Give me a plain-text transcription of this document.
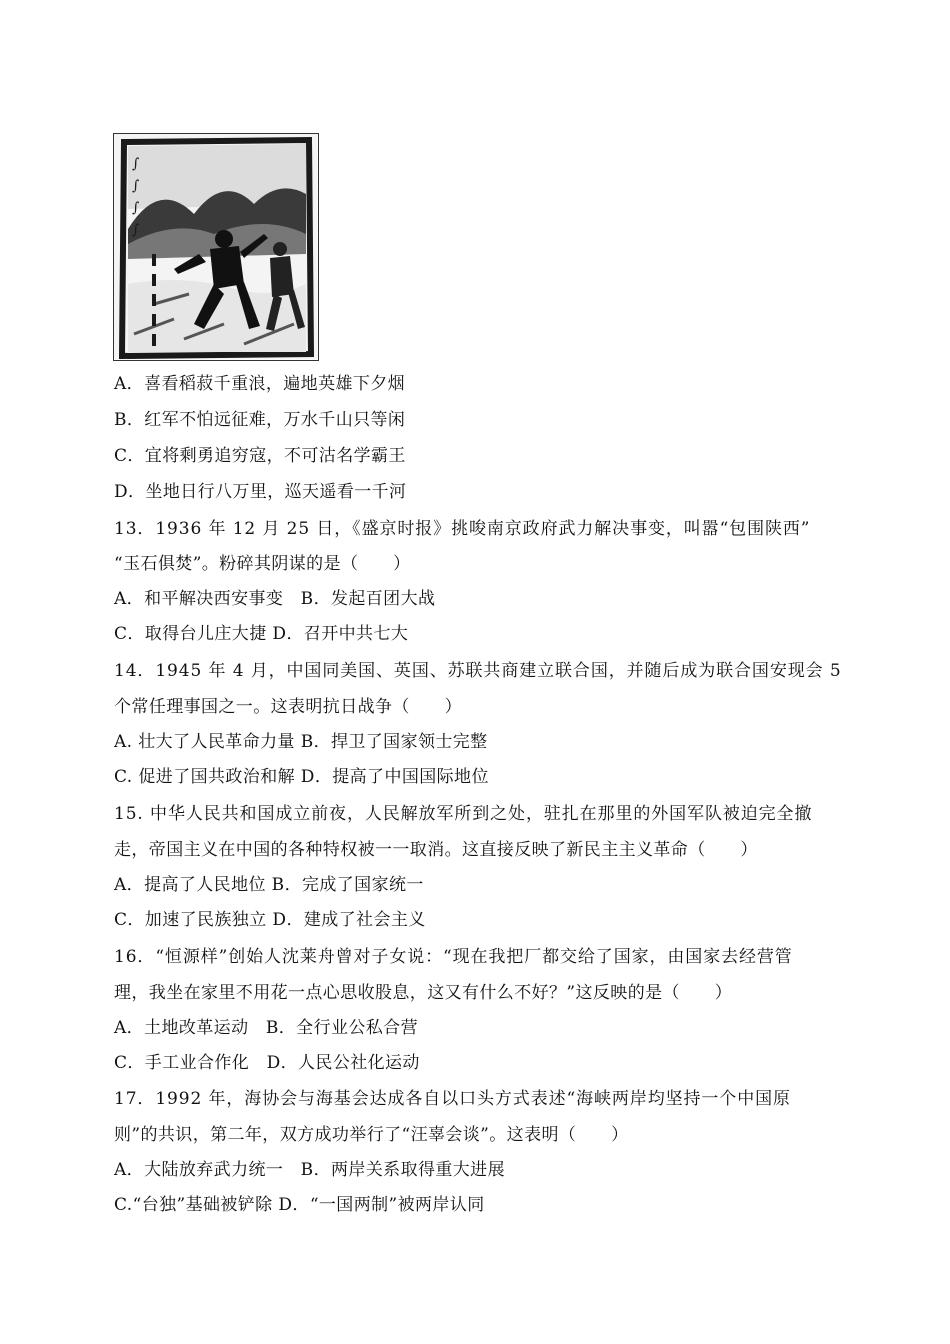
∫
∫
∫
∫
A．喜看稻菽千重浪，遍地英雄下夕烟
B．红军不怕远征难，万水千山只等闲
C．宜将剩勇追穷寇，不可沽名学霸王
D．坐地日行八万里，巡天遥看一千河
13．1936 年 12 月 25 日，《盛京时报》挑唆南京政府武力解决事变，叫嚣“包围陕西”
“玉石俱焚”。粉碎其阴谋的是（　　）
A．和平解决西安事变　B．发起百团大战
C．取得台儿庄大捷 D．召开中共七大
14．1945 年 4 月，中国同美国、英国、苏联共商建立联合国，并随后成为联合国安现会 5
个常任理事国之一。这表明抗日战争（　　）
A. 壮大了人民革命力量 B．捍卫了国家领士完整
C. 促进了国共政治和解 D．提高了中国国际地位
15. 中华人民共和国成立前夜，人民解放军所到之处，驻扎在那里的外国军队被迫完全撤
走，帝国主义在中国的各种特权被一一取消。这直接反映了新民主主义革命（　　）
A．提高了人民地位 B．完成了国家统一
C．加速了民族独立 D．建成了社会主义
16．“恒源样”创始人沈莱舟曾对子女说：“现在我把厂都交给了国家，由国家去经营管
理，我坐在家里不用花一点心思收股息，这又有什么不好？”这反映的是（　　）
A．土地改革运动　B．全行业公私合营
C．手工业合作化　D．人民公社化运动
17．1992 年，海协会与海基会达成各自以口头方式表述“海峡两岸均坚持一个中国原
则”的共识，第二年，双方成功举行了“汪辜会谈”。这表明（　　）
A．大陆放弃武力统一　B．两岸关系取得重大进展
C.“台独”基础被铲除 D．“一国两制”被两岸认同
